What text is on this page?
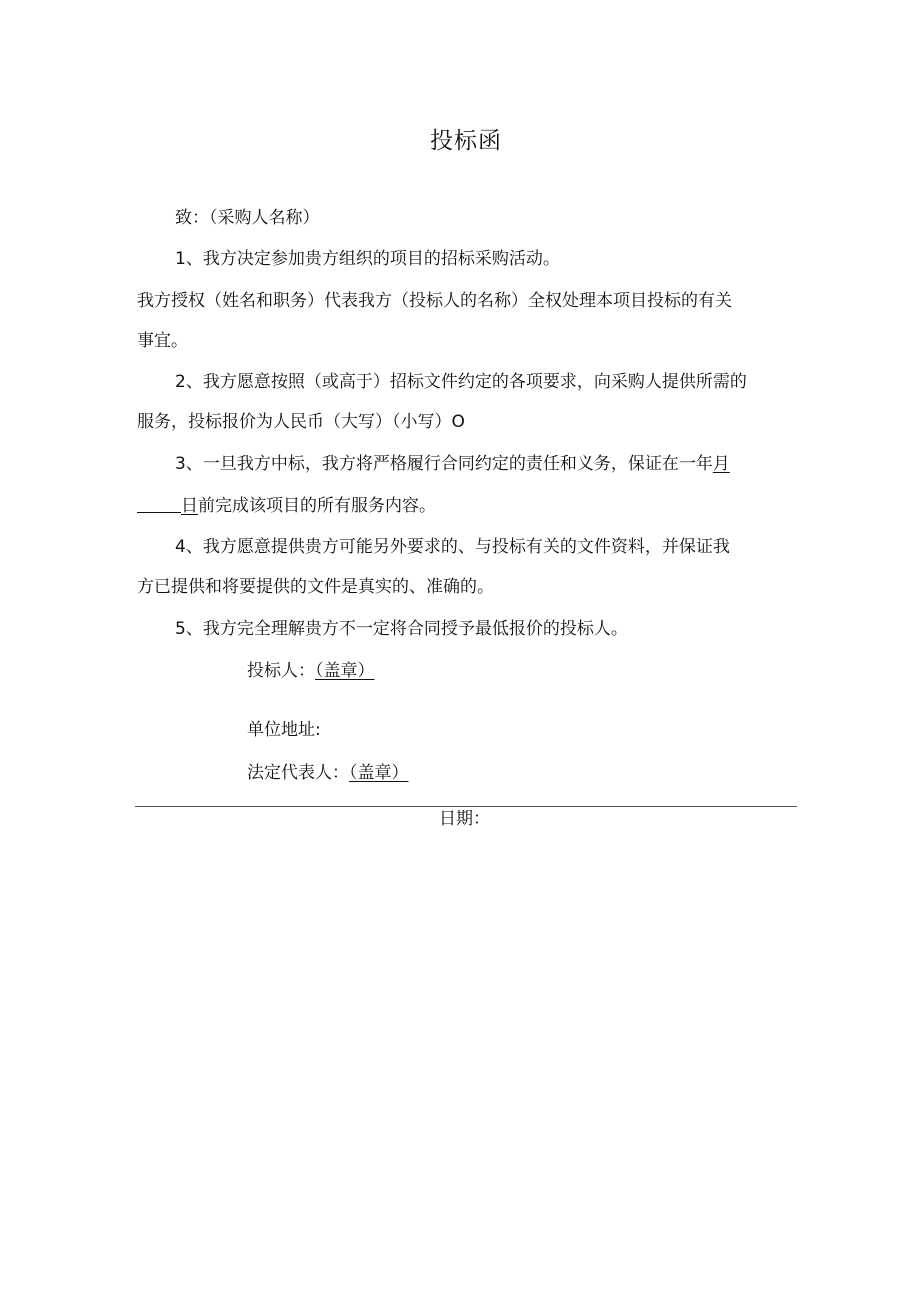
投标函
致：（采购人名称）
1、我方决定参加贵方组织的项目的招标采购活动。
我方授权（姓名和职务）代表我方（投标人的名称）全权处理本项目投标的有关
事宜。
2、我方愿意按照（或高于）招标文件约定的各项要求，向采购人提供所需的
服务，投标报价为人民币（大写）（小写）O
3、一旦我方中标，我方将严格履行合同约定的责任和义务，保证在一年月
日前完成该项目的所有服务内容。
4、我方愿意提供贵方可能另外要求的、与投标有关的文件资料，并保证我
方已提供和将要提供的文件是真实的、准确的。
5、我方完全理解贵方不一定将合同授予最低报价的投标人。
投标人：（盖章）
单位地址:
法定代表人：（盖章）
日期：
